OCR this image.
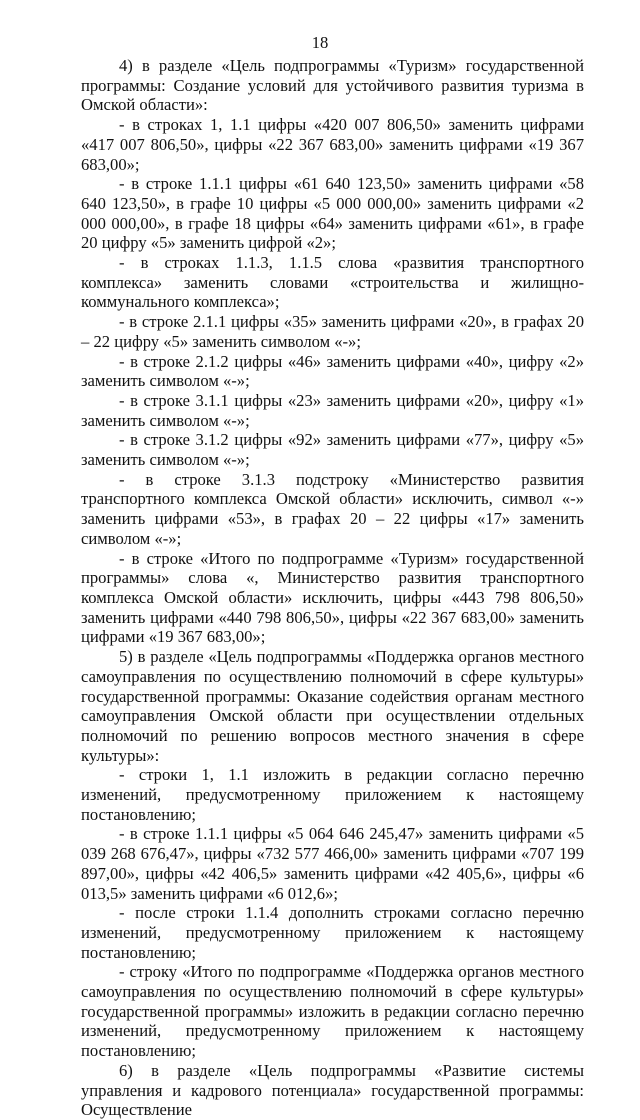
18

4) в разделе «Цель подпрограммы «Туризм» государственной программы: Создание условий для устойчивого развития туризма в Омской области»:

- в строках 1, 1.1 цифры «420 007 806,50» заменить цифрами «417 007 806,50», цифры «22 367 683,00» заменить цифрами «19 367 683,00»;

- в строке 1.1.1 цифры «61 640 123,50» заменить цифрами «58 640 123,50», в графе 10 цифры «5 000 000,00» заменить цифрами «2 000 000,00», в графе 18 цифры «64» заменить цифрами «61», в графе 20 цифру «5» заменить цифрой «2»;

- в строках 1.1.3, 1.1.5 слова «развития транспортного комплекса» заменить словами «строительства и жилищно-коммунального комплекса»;

- в строке 2.1.1 цифры «35» заменить цифрами «20», в графах 20 – 22 цифру «5» заменить символом «-»;

- в строке 2.1.2 цифры «46» заменить цифрами «40», цифру «2» заменить символом «-»;

- в строке 3.1.1 цифры «23» заменить цифрами «20», цифру «1» заменить символом «-»;

- в строке 3.1.2 цифры «92» заменить цифрами «77», цифру «5» заменить символом «-»;

- в строке 3.1.3 подстроку «Министерство развития транспортного комплекса Омской области» исключить, символ «-» заменить цифрами «53», в графах 20 – 22 цифры «17» заменить символом «-»;

- в строке «Итого по подпрограмме «Туризм» государственной программы» слова «, Министерство развития транспортного комплекса Омской области» исключить, цифры «443 798 806,50» заменить цифрами «440 798 806,50», цифры «22 367 683,00» заменить цифрами «19 367 683,00»;

5) в разделе «Цель подпрограммы «Поддержка органов местного самоуправления по осуществлению полномочий в сфере культуры» государственной программы: Оказание содействия органам местного самоуправления Омской области при осуществлении отдельных полномочий по решению вопросов местного значения в сфере культуры»:

- строки 1, 1.1 изложить в редакции согласно перечню изменений, предусмотренному приложением к настоящему постановлению;

- в строке 1.1.1 цифры «5 064 646 245,47» заменить цифрами «5 039 268 676,47», цифры «732 577 466,00» заменить цифрами «707 199 897,00», цифры «42 406,5» заменить цифрами «42 405,6», цифры «6 013,5» заменить цифрами «6 012,6»;

- после строки 1.1.4 дополнить строками согласно перечню изменений, предусмотренному приложением к настоящему постановлению;

- строку «Итого по подпрограмме «Поддержка органов местного самоуправления по осуществлению полномочий в сфере культуры» государственной программы» изложить в редакции согласно перечню изменений, предусмотренному приложением к настоящему постановлению;

6) в разделе «Цель подпрограммы «Развитие системы управления и кадрового потенциала» государственной программы: Осуществление
